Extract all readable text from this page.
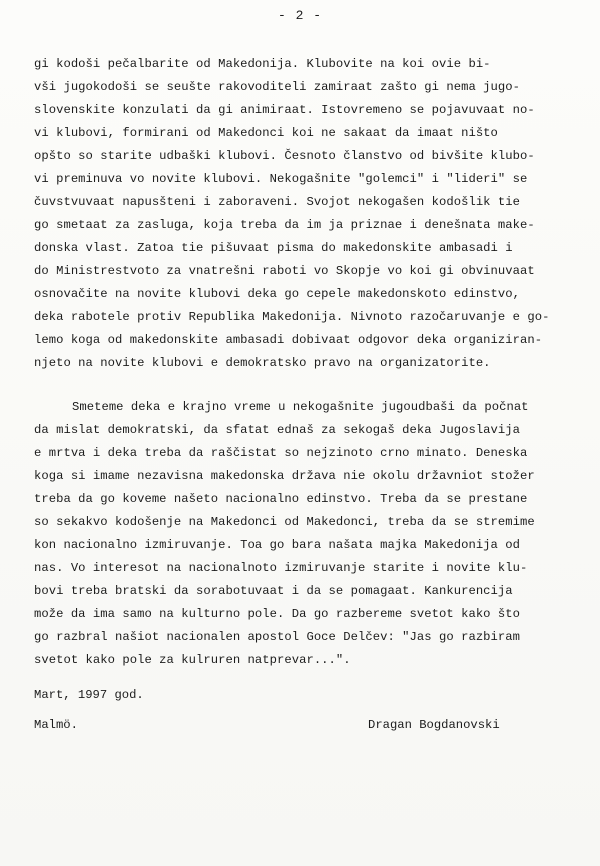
- 2 -
gi kodoši pečalbarite od Makedonija. Klubovite na koi ovie bi-
vši jugokodoši se seušte rakovoditeli zamiraat zašto gi nema jugo-
slovenskite konzulati da gi animiraat. Istovremeno se pojavuvaat no-
vi klubovi, formirani od Makedonci koi ne sakaat da imaat ništo
opšto so starite udbaški klubovi. Česnoto članstvo od bivšite klubo-
vi preminuva vo novite klubovi. Nekogašnite "golemci" i "lideri" se
čuvstvuvaat napusšteni i zaboraveni. Svojot nekogašen kodošlik tie
go smetaat za zasluga, koja treba da im ja priznae i denešnata make-
donska vlast. Zatoa tie pišuvaat pisma do makedonskite ambasadi i
do Ministrestvoto za vnatrešni raboti vo Skopje vo koi gi obvinuvaat
osnovačite na novite klubovi deka go cepele makedonskoto edinstvo,
deka rabotele protiv Republika Makedonija. Nivnoto razočaruvanje e go-
lemo koga od makedonskite ambasadi dobivaat odgovor deka organiziran-
njeto na novite klubovi e demokratsko pravo na organizatorite.
Smeteme deka e krajno vreme u nekogašnite jugoudbaši da počnat
da mislat demokratski, da sfatat ednaš za sekogaš deka Jugoslavija
e mrtva i deka treba da raščistat so nejzinoto crno minato. Deneska
koga si imame nezavisna makedonska država nie okolu državniot stožer
treba da go koveme našeto nacionalno edinstvo. Treba da se prestane
so sekakvo kodošenje na Makedonci od Makedonci, treba da se stremime
kon nacionalno izmiruvanje. Toa go bara našata majka Makedonija od
nas. Vo interesot na nacionalnoto izmiruvanje starite i novite klu-
bovi treba bratski da sorabotuvaat i da se pomagaat. Kankurencija
može da ima samo na kulturno pole. Da go razbereme svetot kako što
go razbral našiot nacionalen apostol Goce Delčev: "Jas go razbiram
svetot kako pole za kulruren natprevar...".
Mart, 1997 god.
Malmö.	Dragan Bogdanovski
